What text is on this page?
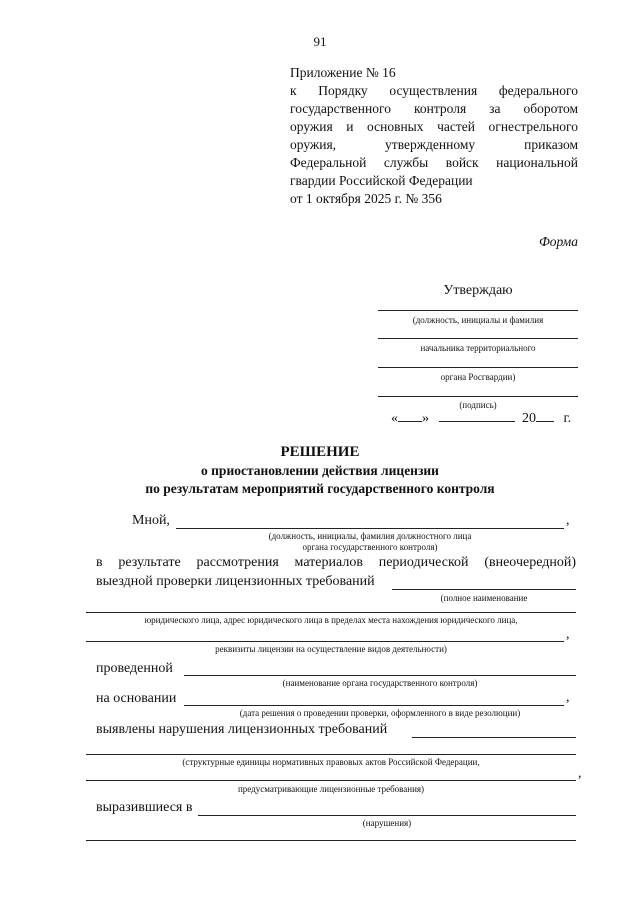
91
Приложение № 16
к Порядку осуществления федерального
государственного контроля за оборотом
оружия и основных частей огнестрельного
оружия, утвержденному приказом
Федеральной службы войск национальной
гвардии Российской Федерации
от 1 октября 2025 г. № 356
Форма
Утверждаю
(должность, инициалы и фамилия
начальника территориального
органа Росгвардии)
(подпись)
« »	20 г.
РЕШЕНИЕ
о приостановлении действия лицензии
по результатам мероприятий государственного контроля
Мной,	,
(должность, инициалы, фамилия должностного лица
органа государственного контроля)
в результате рассмотрения материалов периодической (внеочередной)
выездной проверки лицензионных требований
(полное наименование
юридического лица, адрес юридического лица в пределах места нахождения юридического лица,
,
реквизиты лицензии на осуществление видов деятельности)
проведенной
(наименование органа государственного контроля)
на основании	,
(дата решения о проведении проверки, оформленного в виде резолюции)
выявлены нарушения лицензионных требований
(структурные единицы нормативных правовых актов Российской Федерации,
,
предусматривающие лицензионные требования)
выразившиеся в
(нарушения)
